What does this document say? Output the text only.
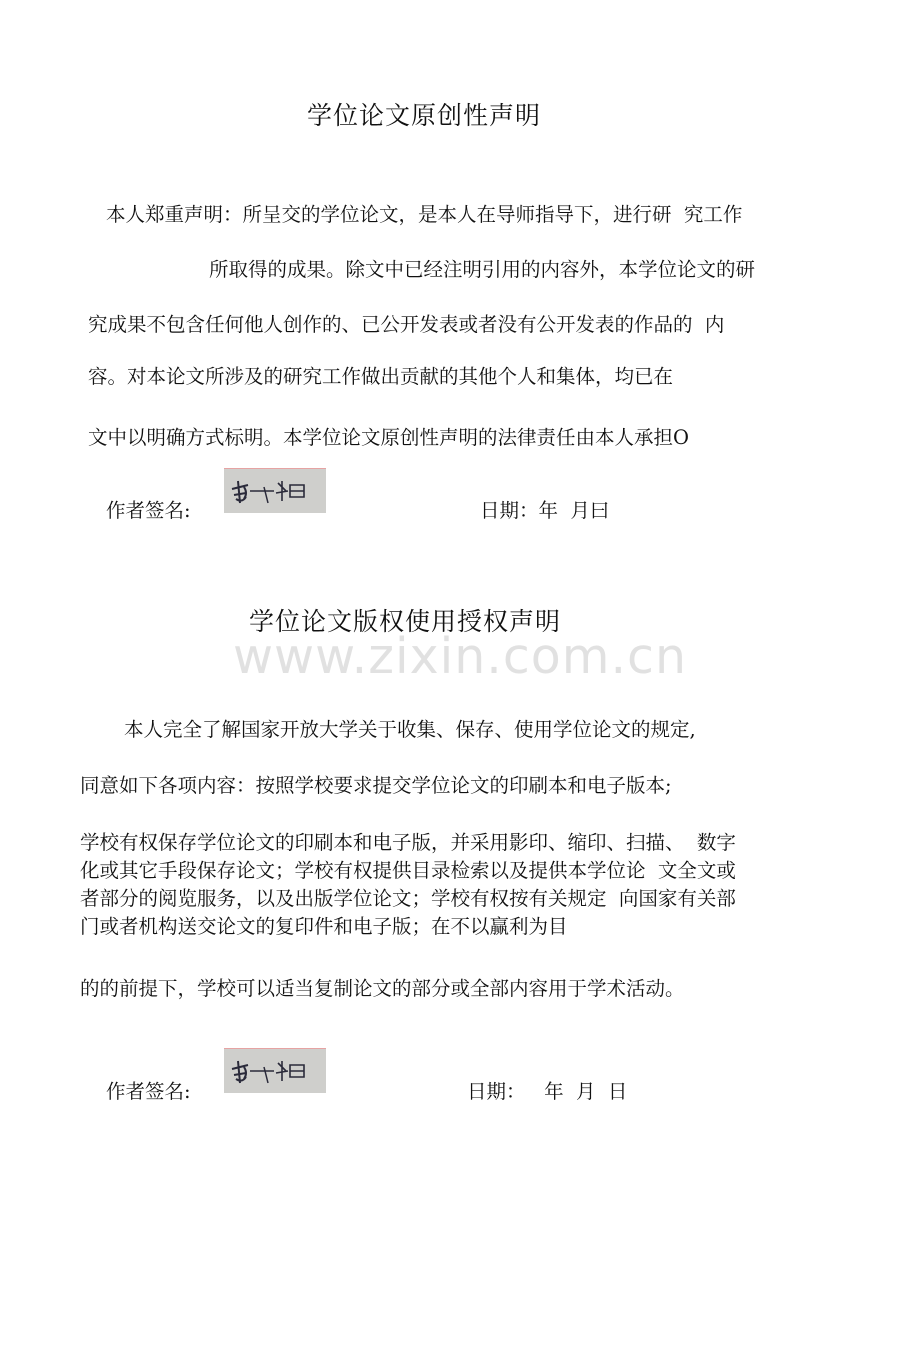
学位论文原创性声明

本人郑重声明：所呈交的学位论文，是本人在导师指导下，进行研  究工作

所取得的成果。除文中已经注明引用的内容外，本学位论文的研

究成果不包含任何他人创作的、已公开发表或者没有公开发表的作品的  内

容。对本论文所涉及的研究工作做出贡献的其他个人和集体，均已在

文中以明确方式标明。本学位论文原创性声明的法律责任由本人承担O

作者签名:	日期：年  月曰
学位论文版权使用授权声明
www.zixin.com.cn

本人完全了解国家开放大学关于收集、保存、使用学位论文的规定,

同意如下各项内容：按照学校要求提交学位论文的印刷本和电子版本;

学校有权保存学位论文的印刷本和电子版，并采用影印、缩印、扫描、  数字
化或其它手段保存论文；学校有权提供目录检索以及提供本学位论  文全文或
者部分的阅览服务，以及出版学位论文；学校有权按有关规定  向国家有关部
门或者机构送交论文的复印件和电子版；在不以赢利为目

的的前提下，学校可以适当复制论文的部分或全部内容用于学术活动。

作者签名:	日期：   年  月  日
